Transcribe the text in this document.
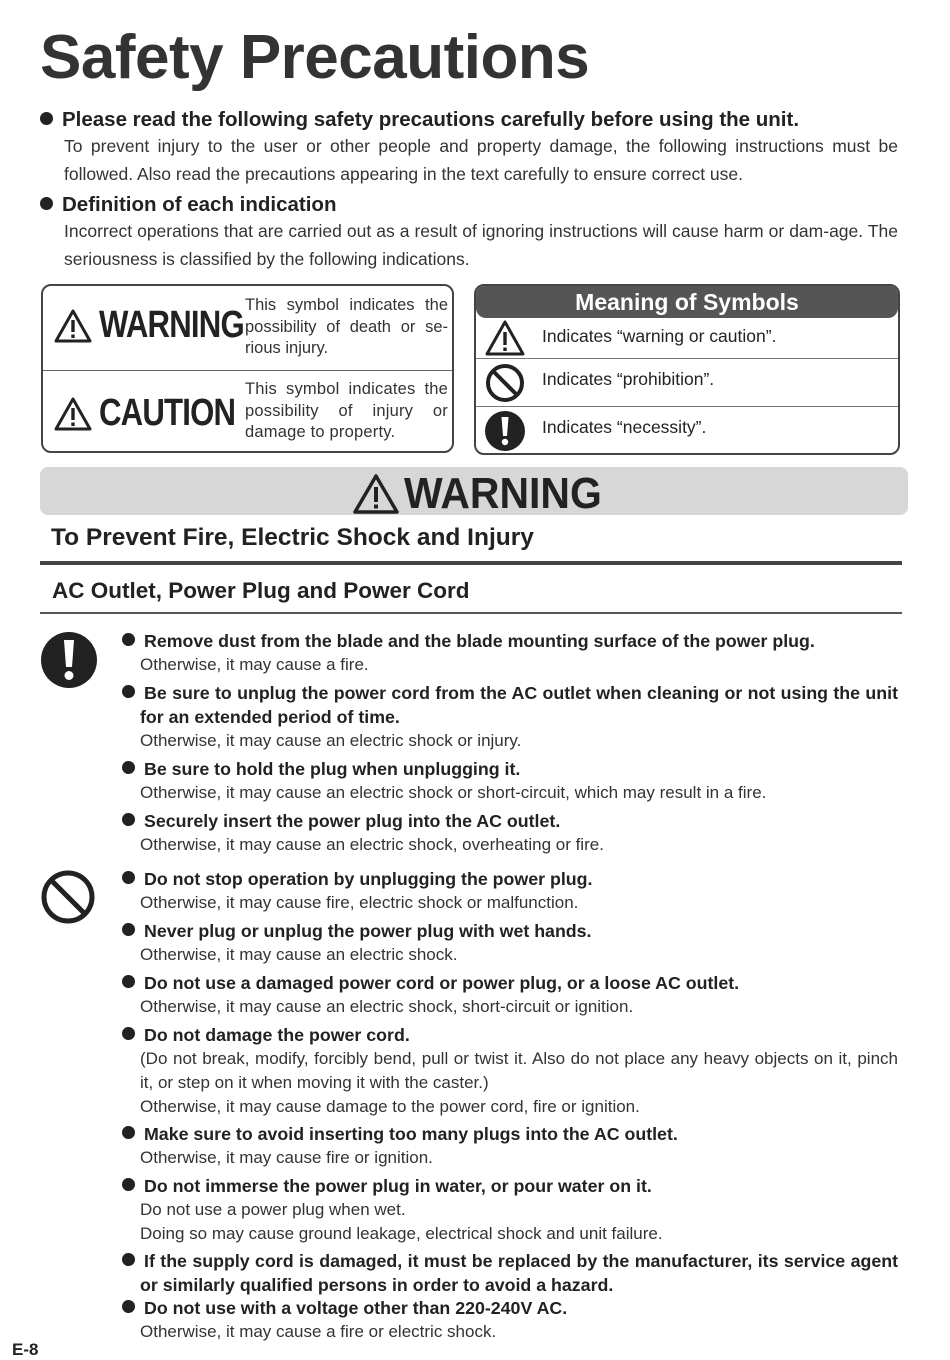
Safety Precautions
Please read the following safety precautions carefully before using the unit.
To prevent injury to the user or other people and property damage, the following instructions must be followed. Also read the precautions appearing in the text carefully to ensure correct use.
Definition of each indication
Incorrect operations that are carried out as a result of ignoring instructions will cause harm or dam-age. The seriousness is classified by the following indications.
WARNING This symbol indicates the possibility of death or se-rious injury.
CAUTION
This symbol indicates the possibility of injury or damage to property.
Meaning of Symbols
Indicates “warning or caution”.
Indicates “prohibition”.
Indicates “necessity”.
WARNING
To Prevent Fire, Electric Shock and Injury
AC Outlet, Power Plug and Power Cord
Remove dust from the blade and the blade mounting surface of the power plug.
Otherwise, it may cause a fire.
Be sure to unplug the power cord from the AC outlet when cleaning or not using the unit for an extended period of time.
Otherwise, it may cause an electric shock or injury.
Be sure to hold the plug when unplugging it.
Otherwise, it may cause an electric shock or short-circuit, which may result in a fire.
Securely insert the power plug into the AC outlet.
Otherwise, it may cause an electric shock, overheating or fire.
Do not stop operation by unplugging the power plug.
Otherwise, it may cause fire, electric shock or malfunction.
Never plug or unplug the power plug with wet hands.
Otherwise, it may cause an electric shock.
Do not use a damaged power cord or power plug, or a loose AC outlet.
Otherwise, it may cause an electric shock, short-circuit or ignition.
Do not damage the power cord.
(Do not break, modify, forcibly bend, pull or twist it. Also do not place any heavy objects on it, pinch it, or step on it when moving it with the caster.)
Otherwise, it may cause damage to the power cord, fire or ignition.
Make sure to avoid inserting too many plugs into the AC outlet.
Otherwise, it may cause fire or ignition.
Do not immerse the power plug in water, or pour water on it.
Do not use a power plug when wet.
Doing so may cause ground leakage, electrical shock and unit failure.
If the supply cord is damaged, it must be replaced by the manufacturer, its service agent or similarly qualified persons in order to avoid a hazard.
Do not use with a voltage other than 220-240V AC.
Otherwise, it may cause a fire or electric shock.
E-8
